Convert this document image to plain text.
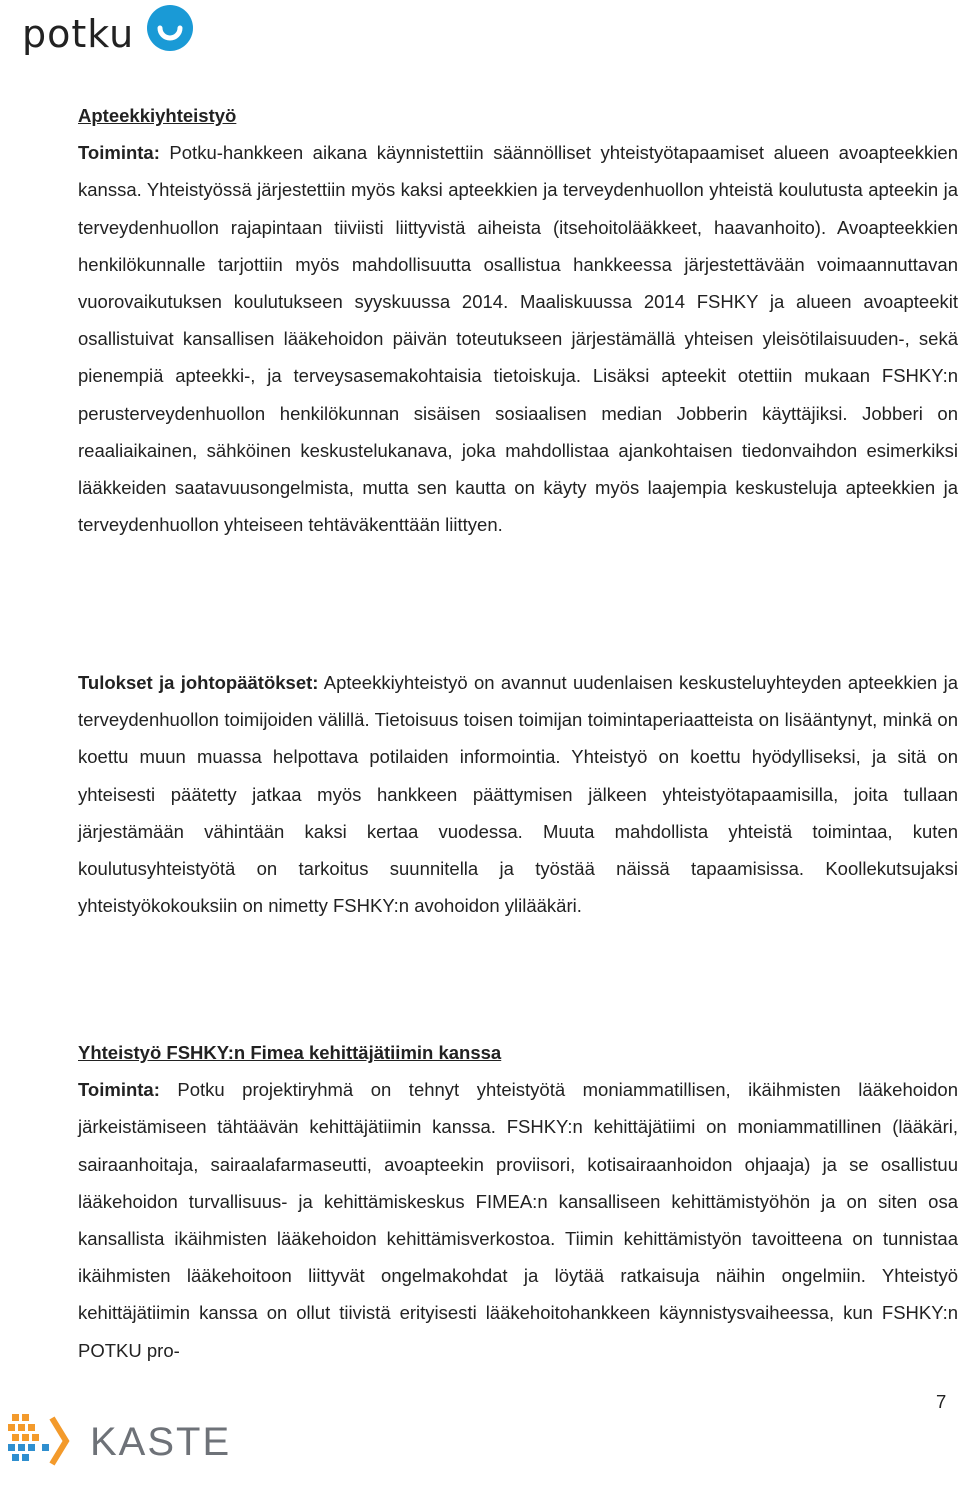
potku
Apteekkiyhteistyö

Toiminta: Potku-hankkeen aikana käynnistettiin säännölliset yhteistyötapaamiset alueen avoapteekkien kanssa. Yhteistyössä järjestettiin myös kaksi apteekkien ja terveydenhuollon yhteistä koulutusta apteekin ja terveydenhuollon rajapintaan tiiviisti liittyvistä aiheista (itsehoitolääkkeet, haavanhoito). Avoapteekkien henkilökunnalle tarjottiin myös mahdollisuutta osallistua hankkeessa järjestettävään voimaannuttavan vuorovaikutuksen koulutukseen syyskuussa 2014. Maaliskuussa 2014 FSHKY ja alueen avoapteekit osallistuivat kansallisen lääkehoidon päivän toteutukseen järjestämällä yhteisen yleisötilaisuuden-, sekä pienempiä apteekki-, ja terveysasemakohtaisia tietoiskuja. Lisäksi apteekit otettiin mukaan FSHKY:n perusterveydenhuollon henkilökunnan sisäisen sosiaalisen median Jobberin käyttäjiksi. Jobberi on reaaliaikainen, sähköinen keskustelukanava, joka mahdollistaa ajankohtaisen tiedonvaihdon esimerkiksi lääkkeiden saatavuusongelmista, mutta sen kautta on käyty myös laajempia keskusteluja apteekkien ja terveydenhuollon yhteiseen tehtäväkenttään liittyen.

Tulokset ja johtopäätökset: Apteekkiyhteistyö on avannut uudenlaisen keskusteluyhteyden apteekkien ja terveydenhuollon toimijoiden välillä. Tietoisuus toisen toimijan toimintaperiaatteista on lisääntynyt, minkä on koettu muun muassa helpottava potilaiden informointia. Yhteistyö on koettu hyödylliseksi, ja sitä on yhteisesti päätetty jatkaa myös hankkeen päättymisen jälkeen yhteistyötapaamisilla, joita tullaan järjestämään vähintään kaksi kertaa vuodessa. Muuta mahdollista yhteistä toimintaa, kuten koulutusyhteistyötä on tarkoitus suunnitella ja työstää näissä tapaamisissa. Koollekutsujaksi yhteistyökokouksiin on nimetty FSHKY:n avohoidon ylilääkäri.

Yhteistyö FSHKY:n Fimea kehittäjätiimin kanssa

Toiminta: Potku projektiryhmä on tehnyt yhteistyötä moniammatillisen, ikäihmisten lääkehoidon järkeistämiseen tähtäävän kehittäjätiimin kanssa. FSHKY:n kehittäjätiimi on moniammatillinen (lääkäri, sairaanhoitaja, sairaalafarmaseutti, avoapteekin proviisori, kotisairaanhoidon ohjaaja) ja se osallistuu lääkehoidon turvallisuus- ja kehittämiskeskus FIMEA:n kansalliseen kehittämistyöhön ja on siten osa kansallista ikäihmisten lääkehoidon kehittämisverkostoa. Tiimin kehittämistyön tavoitteena on tunnistaa ikäihmisten lääkehoitoon liittyvät ongelmakohdat ja löytää ratkaisuja näihin ongelmiin. Yhteistyö kehittäjätiimin kanssa on ollut tiivistä erityisesti lääkehoitohankkeen käynnistysvaiheessa, kun FSHKY:n POTKU pro-

7
KASTE
